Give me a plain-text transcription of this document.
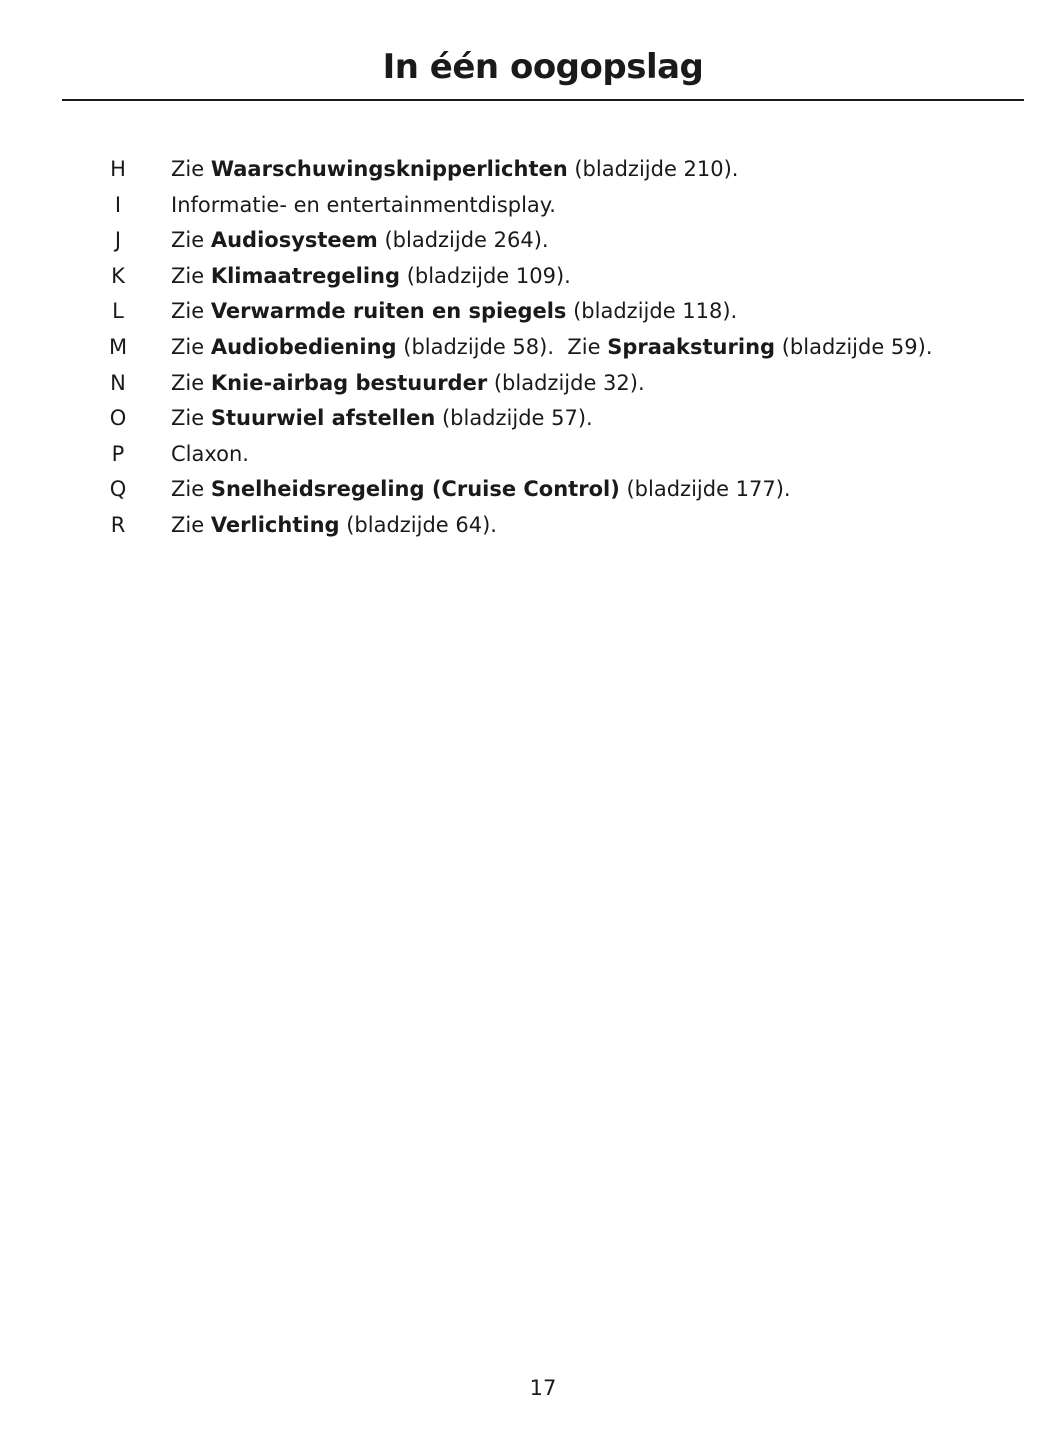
In één oogopslag
H	Zie Waarschuwingsknipperlichten (bladzijde 210).
I	Informatie- en entertainmentdisplay.
J	Zie Audiosysteem (bladzijde 264).
K	Zie Klimaatregeling (bladzijde 109).
L	Zie Verwarmde ruiten en spiegels (bladzijde 118).
M	Zie Audiobediening (bladzijde 58).  Zie Spraaksturing (bladzijde 59).
N	Zie Knie-airbag bestuurder (bladzijde 32).
O	Zie Stuurwiel afstellen (bladzijde 57).
P	Claxon.
Q	Zie Snelheidsregeling (Cruise Control) (bladzijde 177).
R	Zie Verlichting (bladzijde 64).
17
